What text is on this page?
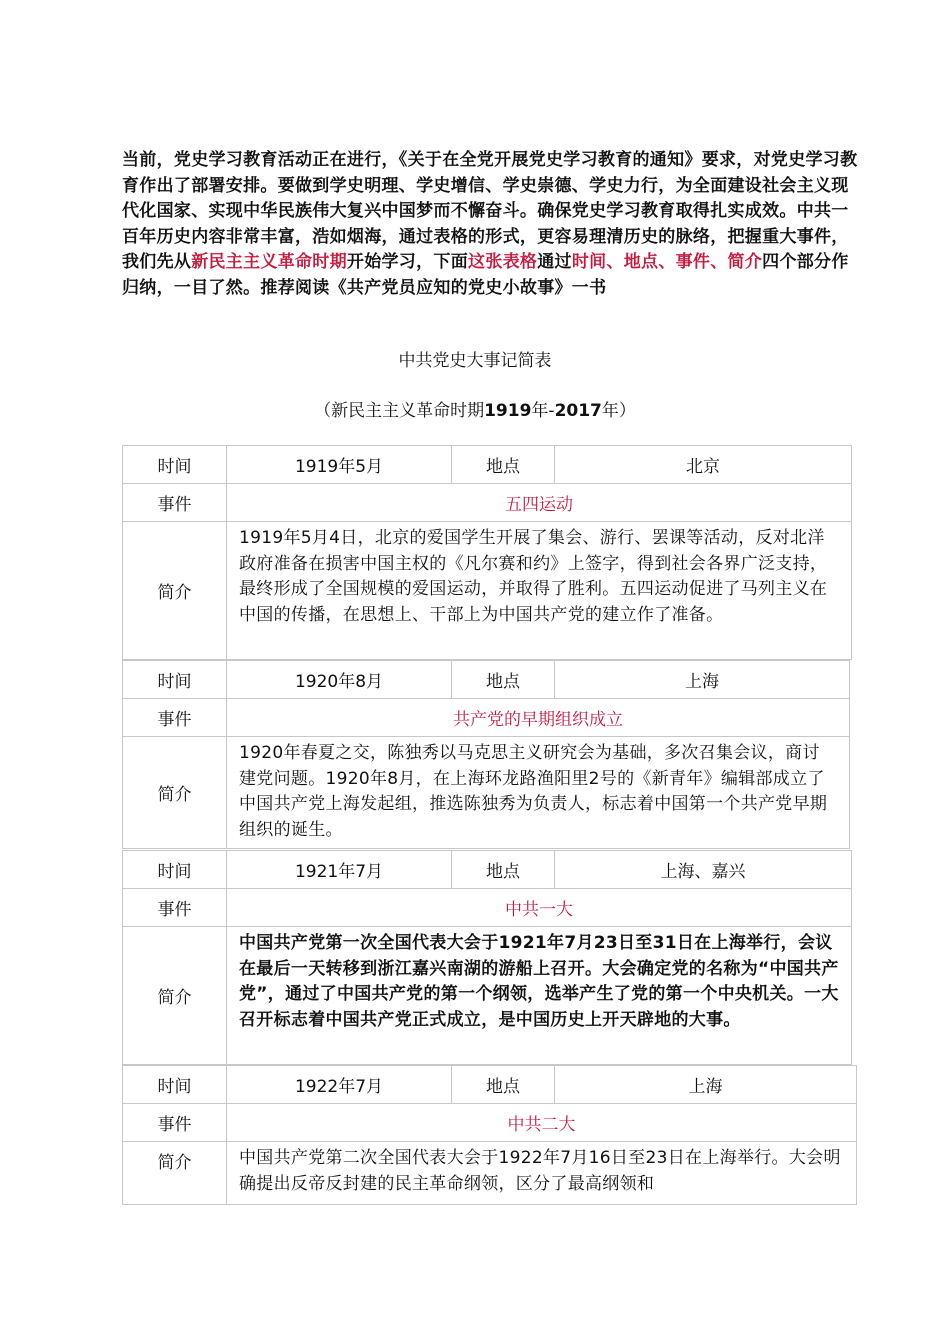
当前，党史学习教育活动正在进行，《关于在全党开展党史学习教育的通知》要求，对党史学习教育作出了部署安排。要做到学史明理、学史增信、学史崇德、学史力行，为全面建设社会主义现代化国家、实现中华民族伟大复兴中国梦而不懈奋斗。确保党史学习教育取得扎实成效。中共一百年历史内容非常丰富，浩如烟海，通过表格的形式，更容易理清历史的脉络，把握重大事件，我们先从新民主主义革命时期开始学习，下面这张表格通过时间、地点、事件、简介四个部分作归纳，一目了然。推荐阅读《共产党员应知的党史小故事》一书
中共党史大事记简表
（新民主主义革命时期1919年-2017年）
时间	1919年5月	地点	北京
事件	五四运动		
简介	1919年5月4日，北京的爱国学生开展了集会、游行、罢课等活动，反对北洋政府准备在损害中国主权的《凡尔赛和约》上签字，得到社会各界广泛支持，最终形成了全国规模的爱国运动，并取得了胜利。五四运动促进了马列主义在中国的传播，在思想上、干部上为中国共产党的建立作了准备。		
时间	1920年8月	地点	上海
事件	共产党的早期组织成立		
简介	1920年春夏之交，陈独秀以马克思主义研究会为基础，多次召集会议，商讨建党问题。1920年8月，在上海环龙路渔阳里2号的《新青年》编辑部成立了中国共产党上海发起组，推选陈独秀为负责人，标志着中国第一个共产党早期组织的诞生。		
时间	1921年7月	地点	上海、嘉兴
事件	中共一大		
简介	中国共产党第一次全国代表大会于1921年7月23日至31日在上海举行，会议在最后一天转移到浙江嘉兴南湖的游船上召开。大会确定党的名称为“中国共产党”，通过了中国共产党的第一个纲领，选举产生了党的第一个中央机关。一大召开标志着中国共产党正式成立，是中国历史上开天辟地的大事。		
时间	1922年7月	地点	上海
事件	中共二大		
简介	中国共产党第二次全国代表大会于1922年7月16日至23日在上海举行。大会明确提出反帝反封建的民主革命纲领，区分了最高纲领和		
